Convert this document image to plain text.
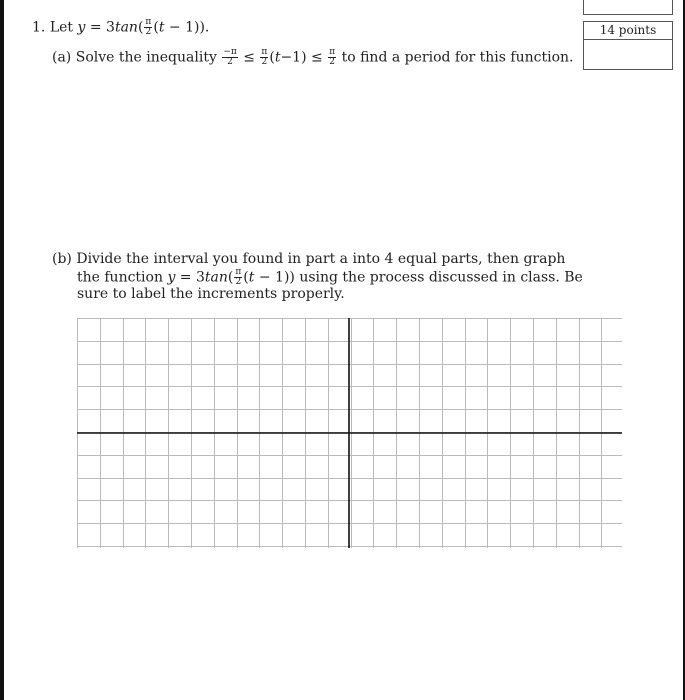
14 points
1. Let $y = 3\tan( \frac{\pi}{2} (t - 1))$.
(a) Solve the inequality $\frac{-\pi}{2} \le \frac{\pi}{2} (t-1) \le \frac{\pi}{2}$ to find a period for this function.
(b) Divide the interval you found in part a into 4 equal parts, then graph
the function $y = 3\tan( \frac{\pi}{2} (t - 1))$ using the process discussed in class. Be
sure to label the increments properly.
